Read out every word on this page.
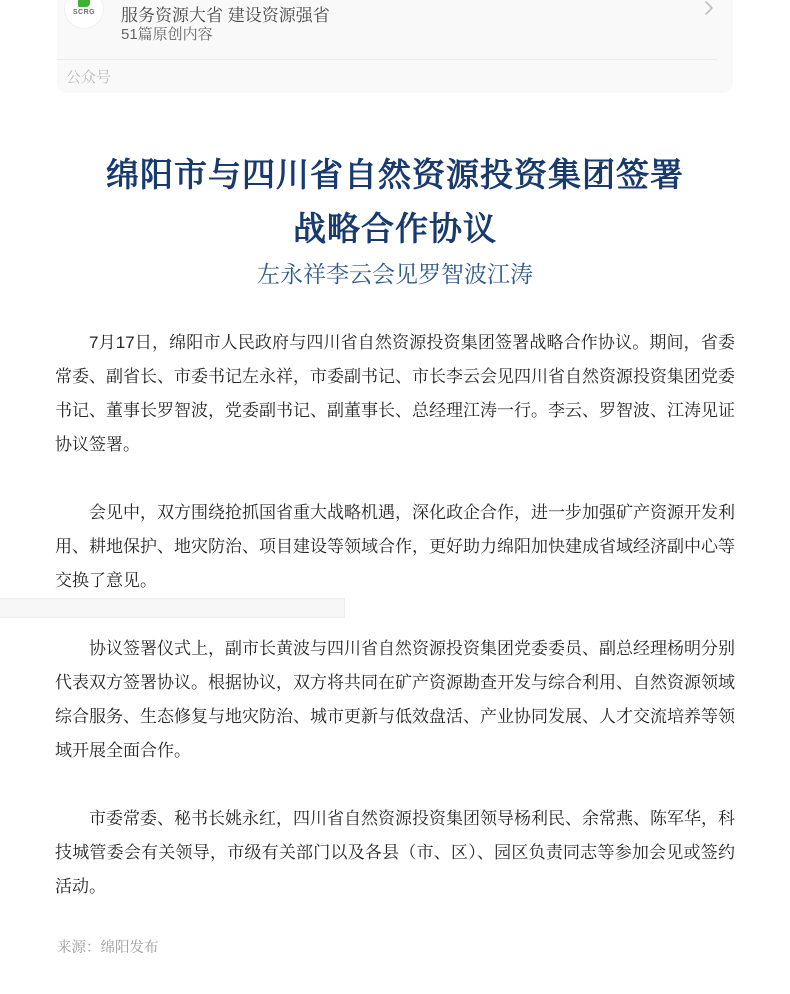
SCRG	服务资源大省 建设资源强省
51篇原创内容
公众号
绵阳市与四川省自然资源投资集团签署
战略合作协议
左永祥李云会见罗智波江涛

7月17日，绵阳市人民政府与四川省自然资源投资集团签署战略合作协议。期间，省委常委、副省长、市委书记左永祥，市委副书记、市长李云会见四川省自然资源投资集团党委书记、董事长罗智波，党委副书记、副董事长、总经理江涛一行。李云、罗智波、江涛见证协议签署。

会见中，双方围绕抢抓国省重大战略机遇，深化政企合作，进一步加强矿产资源开发利用、耕地保护、地灾防治、项目建设等领域合作，更好助力绵阳加快建成省域经济副中心等交换了意见。

协议签署仪式上，副市长黄波与四川省自然资源投资集团党委委员、副总经理杨明分别代表双方签署协议。根据协议，双方将共同在矿产资源勘查开发与综合利用、自然资源领域综合服务、生态修复与地灾防治、城市更新与低效盘活、产业协同发展、人才交流培养等领域开展全面合作。

市委常委、秘书长姚永红，四川省自然资源投资集团领导杨利民、余常燕、陈军华，科技城管委会有关领导，市级有关部门以及各县（市、区）、园区负责同志等参加会见或签约活动。

来源：绵阳发布
